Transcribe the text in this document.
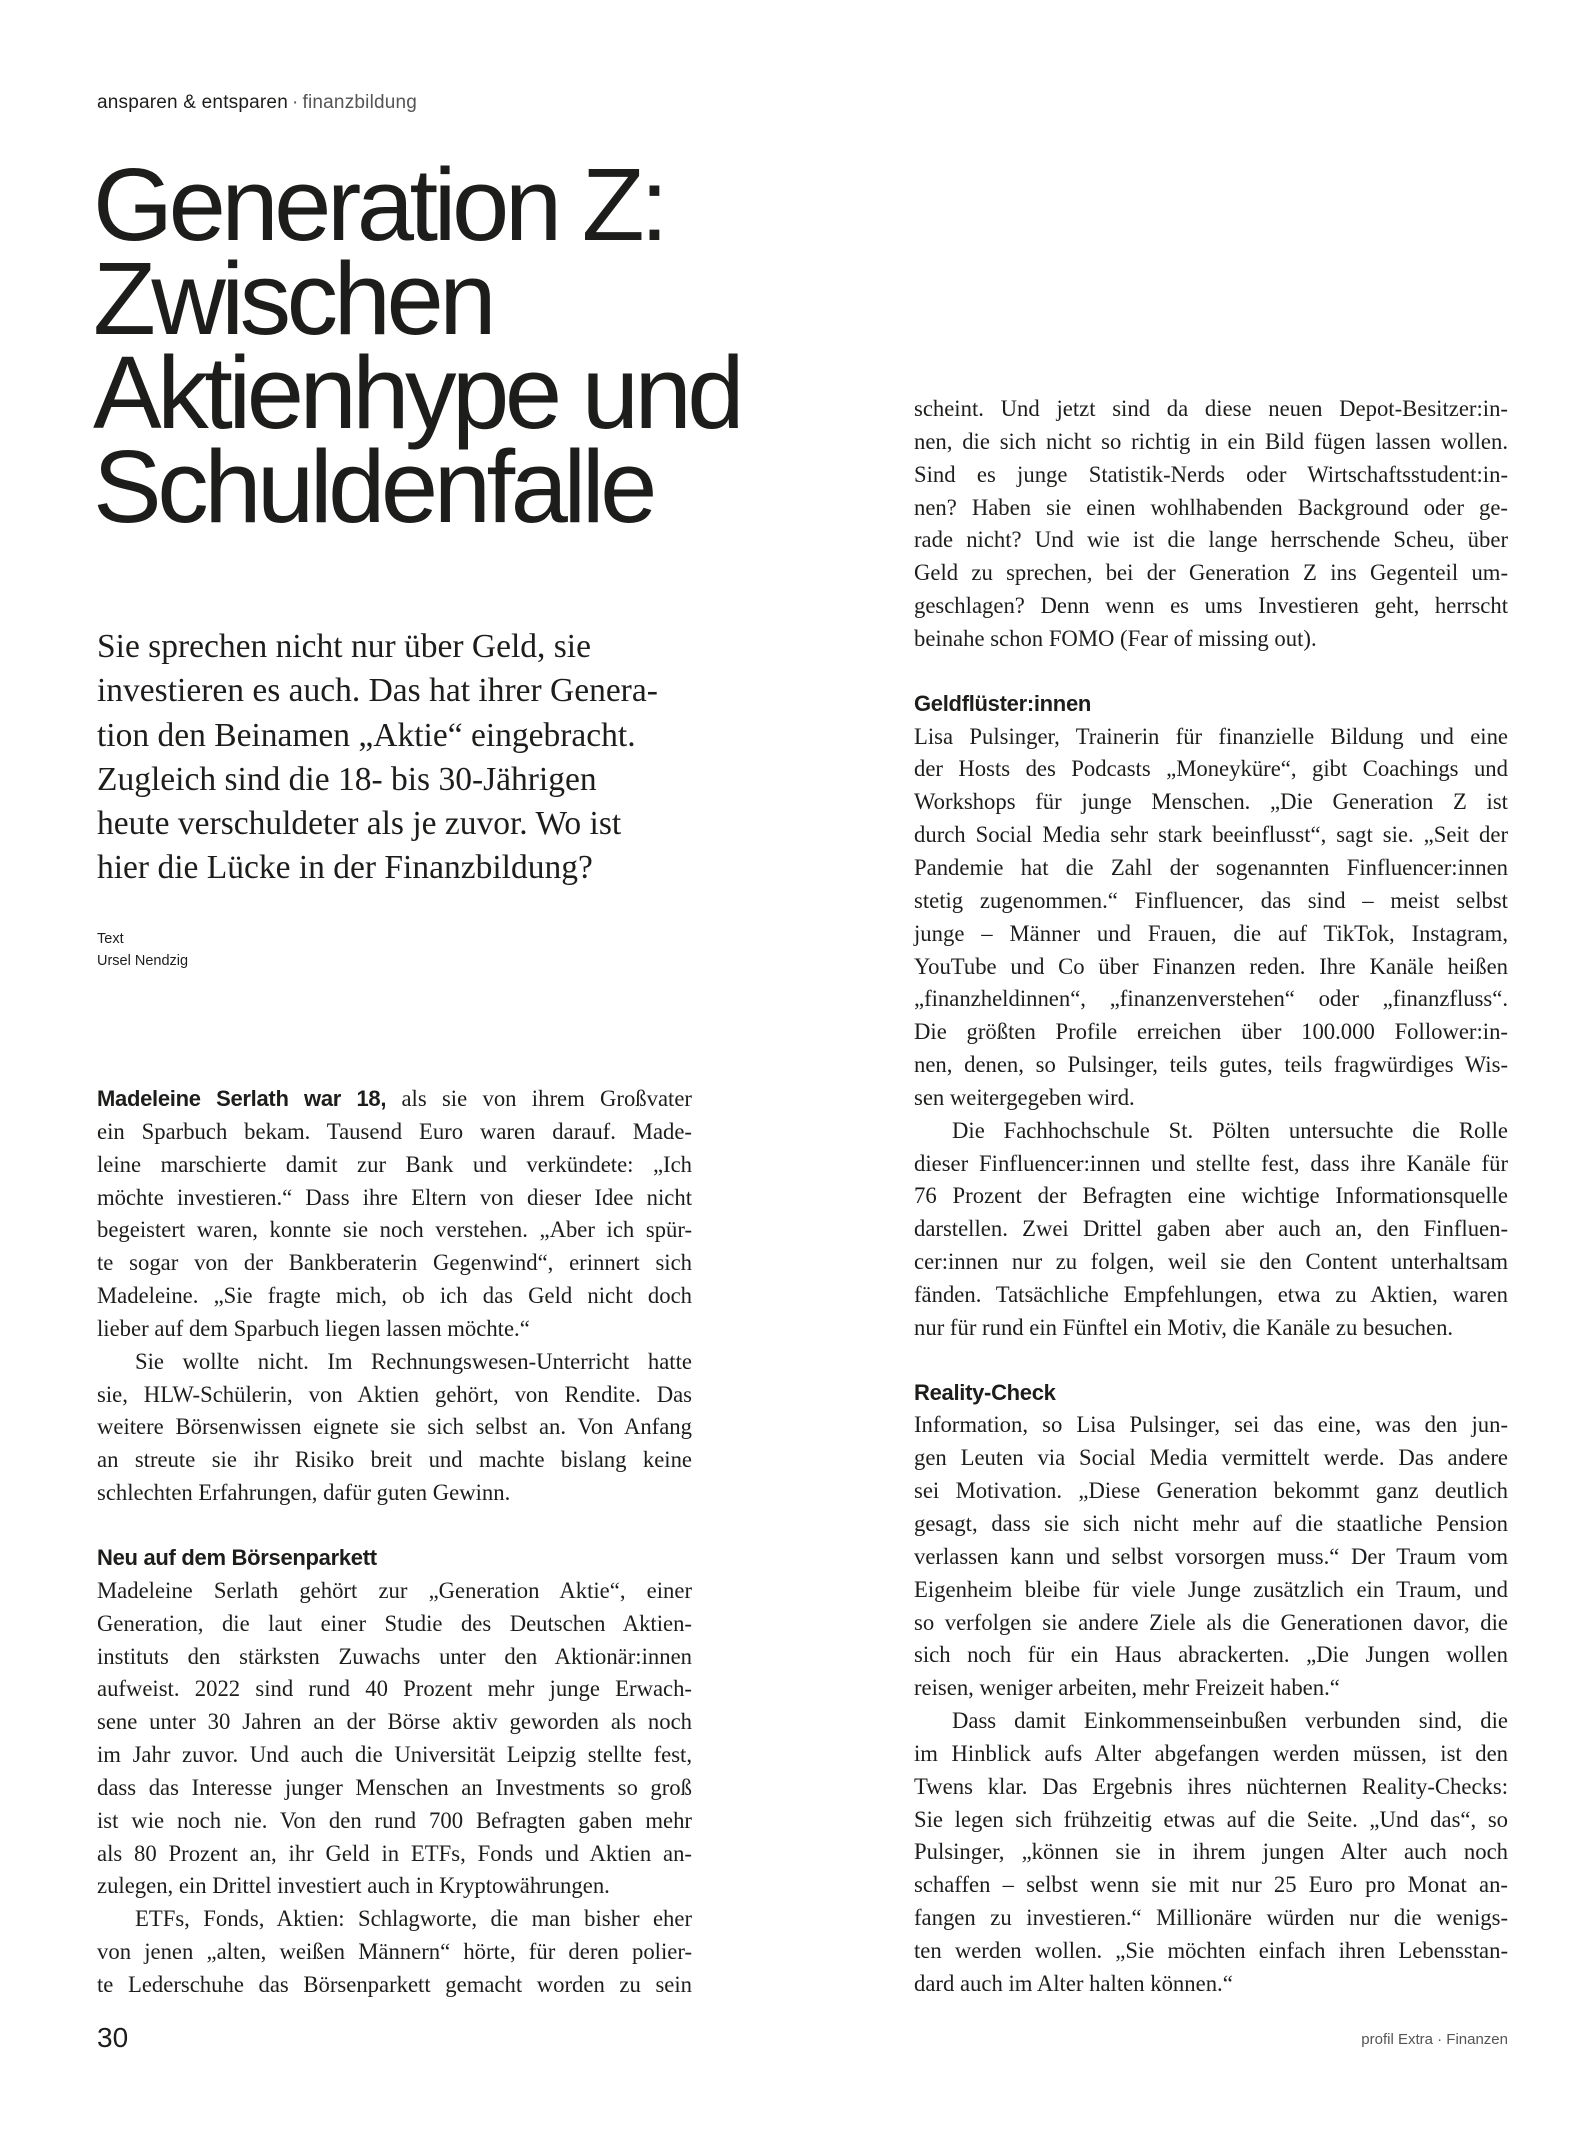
ansparen & entsparen · finanzbildung
Generation Z:
Zwischen
Aktienhype und
Schuldenfalle

Sie sprechen nicht nur über Geld, sie
investieren es auch. Das hat ihrer Genera-
tion den Beinamen „Aktie“ eingebracht.
Zugleich sind die 18- bis 30-Jährigen
heute verschuldeter als je zuvor. Wo ist
hier die Lücke in der Finanzbildung?

Text
Ursel Nendzig
Madeleine Serlath war 18, als sie von ihrem Großvater
ein Sparbuch bekam. Tausend Euro waren darauf. Made-
leine marschierte damit zur Bank und verkündete: „Ich
möchte investieren.“ Dass ihre Eltern von dieser Idee nicht
begeistert waren, konnte sie noch verstehen. „Aber ich spür-
te sogar von der Bankberaterin Gegenwind“, erinnert sich
Madeleine. „Sie fragte mich, ob ich das Geld nicht doch
lieber auf dem Sparbuch liegen lassen möchte.“
Sie wollte nicht. Im Rechnungswesen-Unterricht hatte
sie, HLW-Schülerin, von Aktien gehört, von Rendite. Das
weitere Börsenwissen eignete sie sich selbst an. Von Anfang
an streute sie ihr Risiko breit und machte bislang keine
schlechten Erfahrungen, dafür guten Gewinn.
Neu auf dem Börsenparkett
Madeleine Serlath gehört zur „Generation Aktie“, einer
Generation, die laut einer Studie des Deutschen Aktien-
instituts den stärksten Zuwachs unter den Aktionär:innen
aufweist. 2022 sind rund 40 Prozent mehr junge Erwach-
sene unter 30 Jahren an der Börse aktiv geworden als noch
im Jahr zuvor. Und auch die Universität Leipzig stellte fest,
dass das Interesse junger Menschen an Investments so groß
ist wie noch nie. Von den rund 700 Befragten gaben mehr
als 80 Prozent an, ihr Geld in ETFs, Fonds und Aktien an-
zulegen, ein Drittel investiert auch in Kryptowährungen.
ETFs, Fonds, Aktien: Schlagworte, die man bisher eher
von jenen „alten, weißen Männern“ hörte, für deren polier-
te Lederschuhe das Börsenparkett gemacht worden zu sein
scheint. Und jetzt sind da diese neuen Depot-Besitzer:in-
nen, die sich nicht so richtig in ein Bild fügen lassen wollen.
Sind es junge Statistik-Nerds oder Wirtschaftsstudent:in-
nen? Haben sie einen wohlhabenden Background oder ge-
rade nicht? Und wie ist die lange herrschende Scheu, über
Geld zu sprechen, bei der Generation Z ins Gegenteil um-
geschlagen? Denn wenn es ums Investieren geht, herrscht
beinahe schon FOMO (Fear of missing out).
Geldflüster:innen
Lisa Pulsinger, Trainerin für finanzielle Bildung und eine
der Hosts des Podcasts „Moneyküre“, gibt Coachings und
Workshops für junge Menschen. „Die Generation Z ist
durch Social Media sehr stark beeinflusst“, sagt sie. „Seit der
Pandemie hat die Zahl der sogenannten Finfluencer:innen
stetig zugenommen.“ Finfluencer, das sind – meist selbst
junge – Männer und Frauen, die auf TikTok, Instagram,
YouTube und Co über Finanzen reden. Ihre Kanäle heißen
„finanzheldinnen“, „finanzenverstehen“ oder „finanzfluss“.
Die größten Profile erreichen über 100.000 Follower:in-
nen, denen, so Pulsinger, teils gutes, teils fragwürdiges Wis-
sen weitergegeben wird.
Die Fachhochschule St. Pölten untersuchte die Rolle
dieser Finfluencer:innen und stellte fest, dass ihre Kanäle für
76 Prozent der Befragten eine wichtige Informationsquelle
darstellen. Zwei Drittel gaben aber auch an, den Finfluen-
cer:innen nur zu folgen, weil sie den Content unterhaltsam
fänden. Tatsächliche Empfehlungen, etwa zu Aktien, waren
nur für rund ein Fünftel ein Motiv, die Kanäle zu besuchen.
Reality-Check
Information, so Lisa Pulsinger, sei das eine, was den jun-
gen Leuten via Social Media vermittelt werde. Das andere
sei Motivation. „Diese Generation bekommt ganz deutlich
gesagt, dass sie sich nicht mehr auf die staatliche Pension
verlassen kann und selbst vorsorgen muss.“ Der Traum vom
Eigenheim bleibe für viele Junge zusätzlich ein Traum, und
so verfolgen sie andere Ziele als die Generationen davor, die
sich noch für ein Haus abrackerten. „Die Jungen wollen
reisen, weniger arbeiten, mehr Freizeit haben.“
Dass damit Einkommenseinbußen verbunden sind, die
im Hinblick aufs Alter abgefangen werden müssen, ist den
Twens klar. Das Ergebnis ihres nüchternen Reality-Checks:
Sie legen sich frühzeitig etwas auf die Seite. „Und das“, so
Pulsinger, „können sie in ihrem jungen Alter auch noch
schaffen – selbst wenn sie mit nur 25 Euro pro Monat an-
fangen zu investieren.“ Millionäre würden nur die wenigs-
ten werden wollen. „Sie möchten einfach ihren Lebensstan-
dard auch im Alter halten können.“
30	profil Extra · Finanzen
